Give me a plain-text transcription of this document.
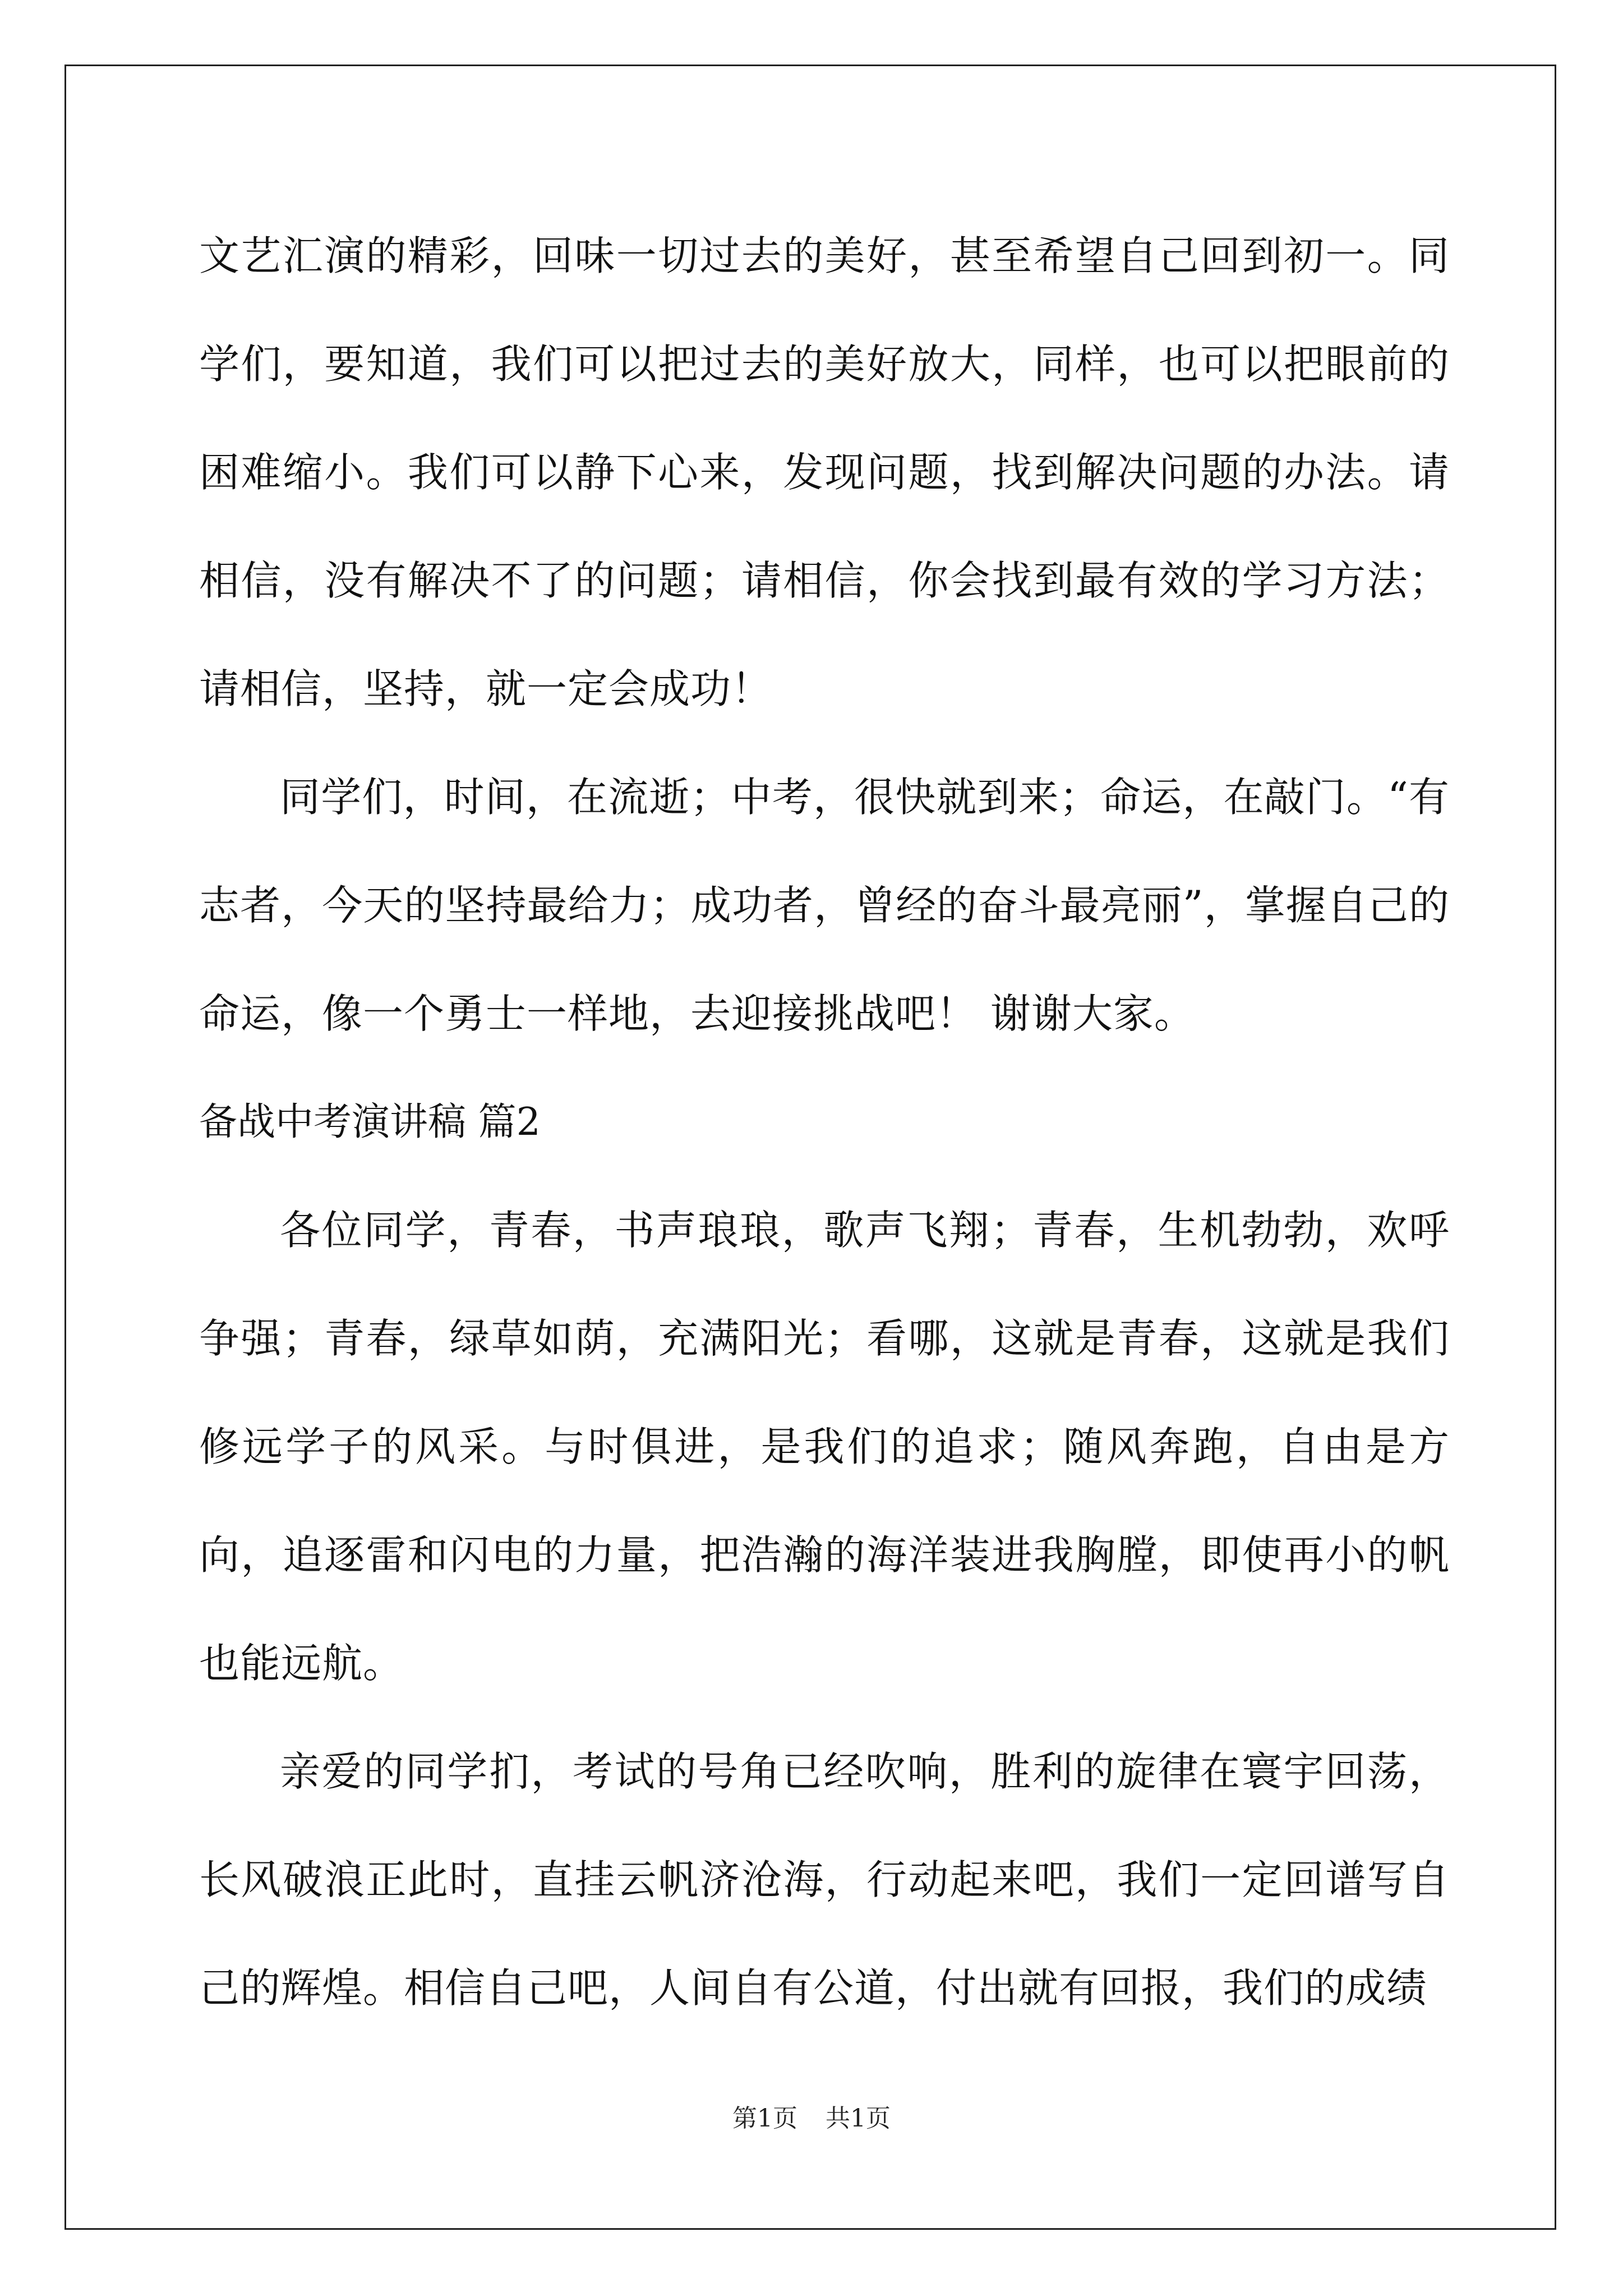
文艺汇演的精彩，回味一切过去的美好，甚至希望自己回到初一。同学们，要知道，我们可以把过去的美好放大，同样，也可以把眼前的困难缩小。我们可以静下心来，发现问题，找到解决问题的办法。请相信，没有解决不了的问题；请相信，你会找到最有效的学习方法；请相信，坚持，就一定会成功！

同学们，时间，在流逝；中考，很快就到来；命运，在敲门。“有志者，今天的坚持最给力；成功者，曾经的奋斗最亮丽”，掌握自己的命运，像一个勇士一样地，去迎接挑战吧！ 谢谢大家。

备战中考演讲稿 篇2

各位同学，青春，书声琅琅，歌声飞翔；青春，生机勃勃，欢呼争强；青春，绿草如荫，充满阳光；看哪，这就是青春，这就是我们修远学子的风采。与时俱进，是我们的追求；随风奔跑，自由是方向，追逐雷和闪电的力量，把浩瀚的海洋装进我胸膛，即使再小的帆也能远航。

亲爱的同学扪，考试的号角已经吹响，胜利的旋律在寰宇回荡，长风破浪正此时，直挂云帆济沧海，行动起来吧，我们一定回谱写自己的辉煌。相信自己吧，人间自有公道，付出就有回报，我们的成绩

第1页 共1页
